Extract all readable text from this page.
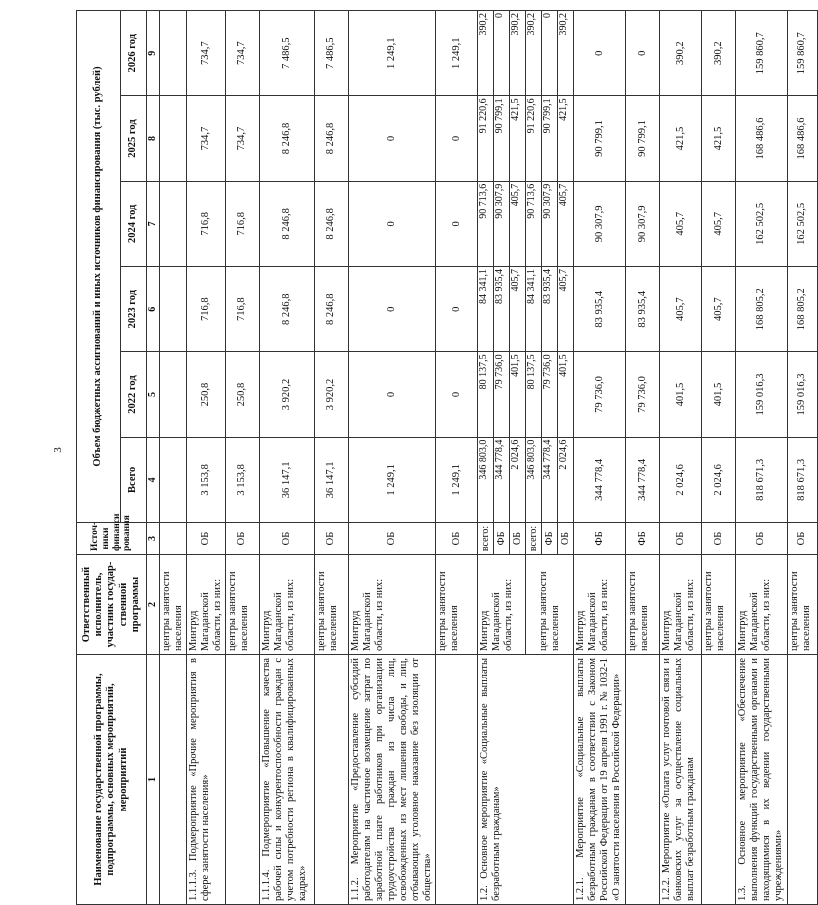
3
Наименование государственной программы, подпрограммы, основных мероприятий, мероприятий	Ответственный исполнитель, участник государ-ственной программы	Источ-ники финанси рования	Объем бюджетных ассигнований и иных источников финансирования (тыс. рублей)					
			Всего	2022 год	2023 год	2024 год	2025 год	2026 год
1	2	3	4	5	6	7	8	9
	центры занятости населения							
1.1.1.3. Подмероприятие «Прочие мероприятия в сфере занятости населения»	Минтруд Магаданской области, из них:	ОБ	3 153,8	250,8	716,8	716,8	734,7	734,7
	центры занятости населения	ОБ	3 153,8	250,8	716,8	716,8	734,7	734,7
1.1.1.4. Подмероприятие «Повышение качества рабочей силы и конкурентоспособности граждан с учетом потребности региона в квалифицированных кадрах»	Минтруд Магаданской области, из них:	ОБ	36 147,1	3 920,2	8 246,8	8 246,8	8 246,8	7 486,5
	центры занятости населения	ОБ	36 147,1	3 920,2	8 246,8	8 246,8	8 246,8	7 486,5
1.1.2. Мероприятие «Предоставление субсидий работодателям на частичное возмещение затрат по заработной плате работников при организации трудоустройства граждан из числа лиц, освобожденных из мест лишения свободы, и лиц, отбывающих уголовное наказание без изоляции от общества»	Минтруд Магаданской области, из них:	ОБ	1 249,1	0	0	0	0	1 249,1
	центры занятости населения	ОБ	1 249,1	0	0	0	0	1 249,1
1.2. Основное мероприятие «Социальные выплаты безработным гражданам»	Минтруд Магаданской области, из них:	всего:	346 803,0	80 137,5	84 341,1	90 713,6	91 220,6	390,2
		ФБ	344 778,4	79 736,0	83 935,4	90 307,9	90 799,1	0
		ОБ	2 024,6	401,5	405,7	405,7	421,5	390,2
	центры занятости населения	всего:	346 803,0	80 137,5	84 341,1	90 713,6	91 220,6	390,2
		ФБ	344 778,4	79 736,0	83 935,4	90 307,9	90 799,1	0
		ОБ	2 024,6	401,5	405,7	405,7	421,5	390,2
1.2.1. Мероприятие «Социальные выплаты безработным гражданам в соответствии с Законом Российской Федерации от 19 апреля 1991 г. № 1032-1 «О занятости населения в Российской Федерации»	Минтруд Магаданской области, из них:	ФБ	344 778,4	79 736,0	83 935,4	90 307,9	90 799,1	0
	центры занятости населения	ФБ	344 778,4	79 736,0	83 935,4	90 307,9	90 799,1	0
1.2.2. Мероприятие «Оплата услуг почтовой связи и банковских услуг за осуществление социальных выплат безработным гражданам	Минтруд Магаданской области, из них:	ОБ	2 024,6	401,5	405,7	405,7	421,5	390,2
	центры занятости населения	ОБ	2 024,6	401,5	405,7	405,7	421,5	390,2
1.3. Основное мероприятие «Обеспечение выполнения функций государственными органами и находящимися в их ведении государственными учреждениями»	Минтруд Магаданской области, из них:	ОБ	818 671,3	159 016,3	168 805,2	162 502,5	168 486,6	159 860,7
	центры занятости населения	ОБ	818 671,3	159 016,3	168 805,2	162 502,5	168 486,6	159 860,7
